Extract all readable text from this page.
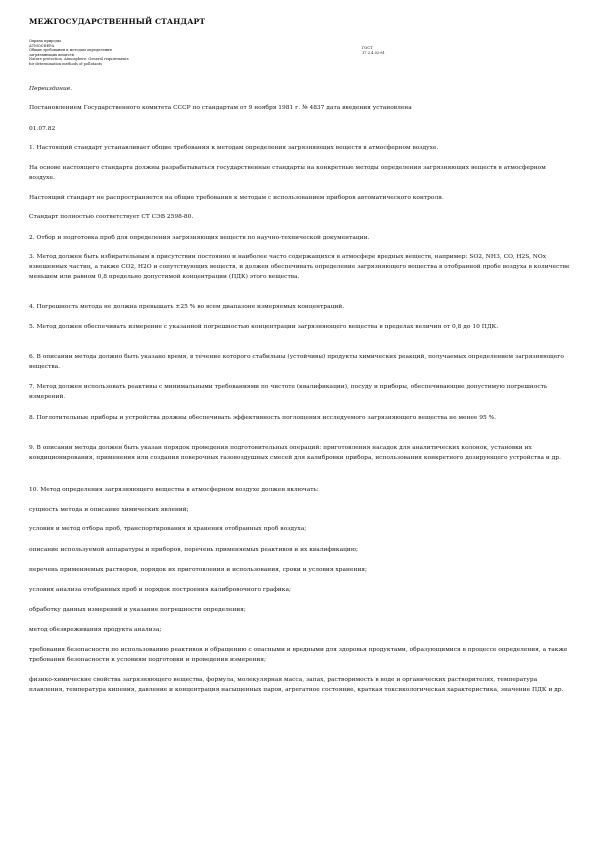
МЕЖГОСУДАРСТВЕННЫЙ СТАНДАРТ
Охрана природы
АТМОСФЕРА
Общие требования к методам определения
загрязняющих веществ
Nature protection. Atmosphere. General requirements
for determination methods of pollutants
ГОСТ
17.2.4.02-81

Переиздание.

Постановлением Государственного комитета СССР по стандартам от 9 ноября 1981 г. № 4837 дата введения установлена

01.07.82

1. Настоящий стандарт устанавливает общие требования к методам определения загрязняющих веществ в атмосферном воздухе.

На основе настоящего стандарта должны разрабатываться государственные стандарты на конкретные методы определения загрязняющих веществ в атмосферном воздухе.

Настоящий стандарт не распространяется на общие требования к методам с использованием приборов автоматического контроля.

Стандарт полностью соответствует СТ СЭВ 2598-80.

2. Отбор и подготовка проб для определения загрязняющих веществ по научно-технической документации.

3. Метод должен быть избирательным в присутствии постоянно и наиболее часто содержащихся в атмосфере вредных веществ, например: SO2, NH3, CO, H2S, NOx взвешенных частиц, а также CO2, H2O и сопутствующих веществ, и должен обеспечивать определение загрязняющего вещества в отобранной пробе воздуха в количестве меньшем или равном 0,8 предельно допустимой концентрации (ПДК) этого вещества.

4. Погрешность метода не должна превышать ±25 % во всем диапазоне измеряемых концентраций.

5. Метод должен обеспечивать измерение с указанной погрешностью концентрации загрязняющего вещества в пределах величин от 0,8 до 10 ПДК.

6. В описании метода должно быть указано время, в течение которого стабильны (устойчивы) продукты химических реакций, получаемых определением загрязняющего вещества.

7. Метод должен использовать реактивы с минимальными требованиями по чистоте (квалификации), посуду и приборы, обеспечивающие допустимую погрешность измерений.

8. Поглотительные приборы и устройства должны обеспечивать эффективность поглощения исследуемого загрязняющего вещества не менее 95 %.

9. В описании метода должен быть указан порядок проведения подготовительных операций: приготовления насадок для аналитических колонок, установки их кондиционирования, применения или создания поверочных газовоздушных смесей для калибровки прибора, использования конкретного дозирующего устройства и др.

10. Метод определения загрязняющего вещества в атмосферном воздухе должен включать:

сущность метода и описание химических явлений;

условия и метод отбора проб, транспортирования и хранения отобранных проб воздуха;

описание используемой аппаратуры и приборов, перечень применяемых реактивов и их квалификацию;

перечень применяемых растворов, порядок их приготовления и использования, сроки и условия хранения;

условия анализа отобранных проб и порядок построения калибровочного графика;

обработку данных измерений и указание погрешности определения;

метод обезвреживания продукта анализа;

требования безопасности по использованию реактивов и обращению с опасными и вредными для здоровья продуктами, образующимися в процессе определения, а также требования безопасности к условиям подготовки и проведения измерения;

физико-химические свойства загрязняющего вещества, формула, молекулярная масса, запах, растворимость в воде и органических растворителях, температура плавления, температура кипения, давление и концентрация насыщенных паров, агрегатное состояние, краткая токсикологическая характеристика, значение ПДК и др.
